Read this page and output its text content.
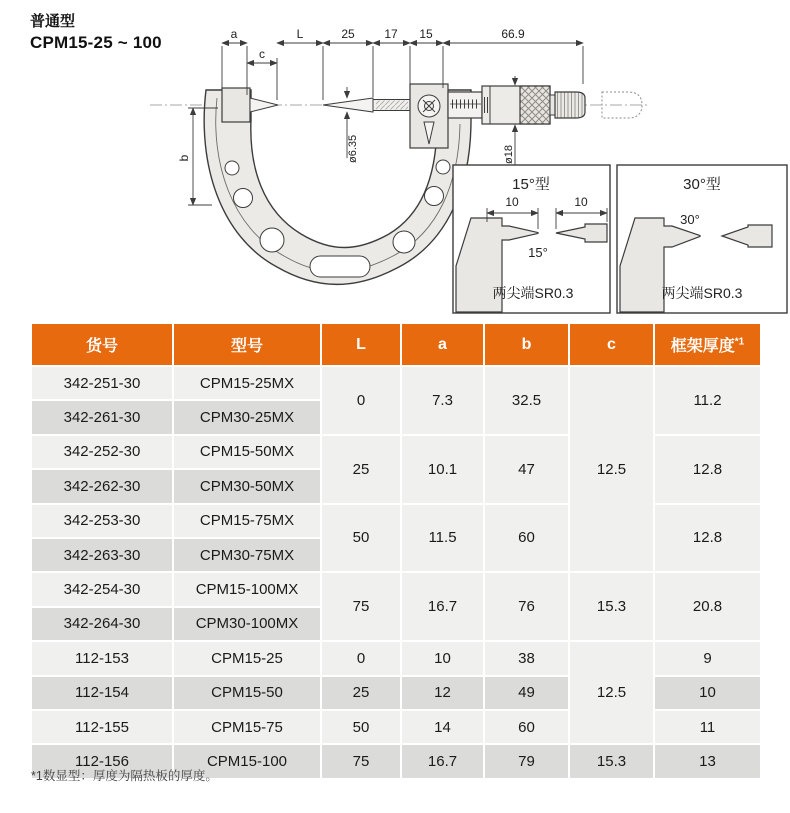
普通型
CPM15-25 ~ 100	a
c
L	25 17 15	66.9
b	ø6.35	ø18
15°型
10	10
15°
两尖端SR0.3
30°型
30°
两尖端SR0.3
货号	型号	L	a	b	c	框架厚度$^{*1}$
342-251-30	CPM15-25MX	0	7.3	32.5	12.5	11.2
342-261-30	CPM30-25MX					
342-252-30	CPM15-50MX	25	10.1	47		12.8
342-262-30	CPM30-50MX					
342-253-30	CPM15-75MX	50	11.5	60		12.8
342-263-30	CPM30-75MX					
342-254-30	CPM15-100MX	75	16.7	76	15.3	20.8
342-264-30	CPM30-100MX					
112-153	CPM15-25	0	10	38	12.5	9
112-154	CPM15-50	25	12	49		10
112-155	CPM15-75	50	14	60		11
112-156	CPM15-100	75	16.7	79	15.3	13
*1数显型：厚度为隔热板的厚度。
